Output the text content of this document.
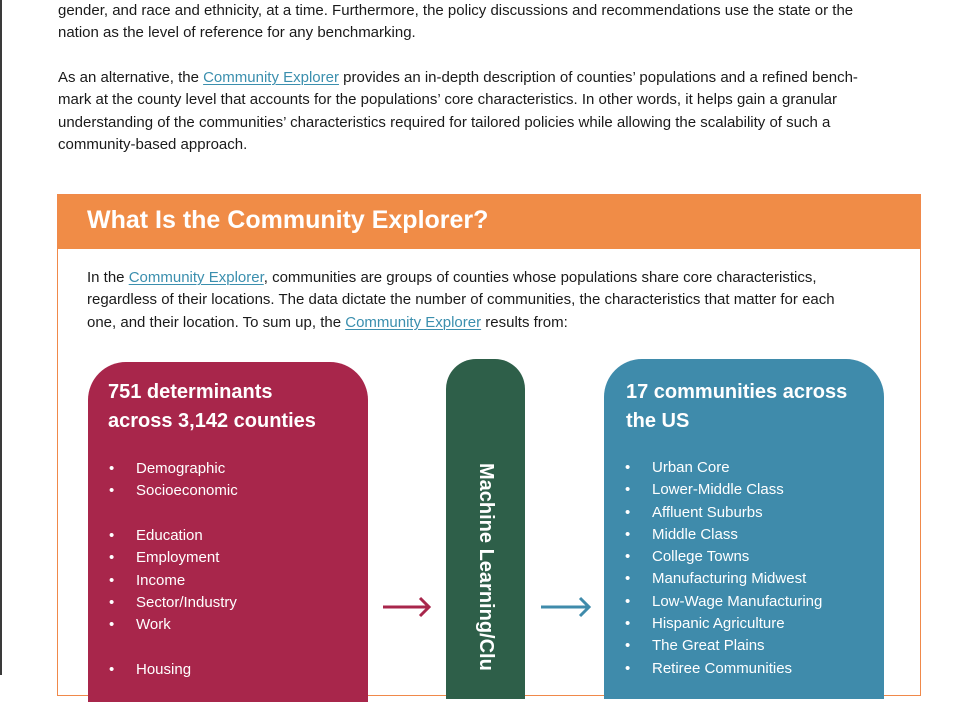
gender, and race and ethnicity, at a time. Furthermore, the policy discussions and recommendations use the state or the
nation as the level of reference for any benchmarking.

As an alternative, the Community Explorer provides an in-depth description of counties’ populations and a refined bench-
mark at the county level that accounts for the populations’ core characteristics. In other words, it helps gain a granular
understanding of the communities’ characteristics required for tailored policies while allowing the scalability of such a
community-based approach.

What Is the Community Explorer?

In the Community Explorer, communities are groups of counties whose populations share core characteristics,
regardless of their locations. The data dictate the number of communities, the characteristics that matter for each
one, and their location. To sum up, the Community Explorer results from:

751 determinants
across 3,142 counties
• Demographic
• Socioeconomic
• Education
• Employment
• Income
• Sector/Industry
• Work
• Housing	Machine Learning/Clu
17 communities across
the US
• Urban Core
• Lower-Middle Class
• Affluent Suburbs
• Middle Class
• College Towns
• Manufacturing Midwest
• Low-Wage Manufacturing
• Hispanic Agriculture
• The Great Plains
• Retiree Communities
